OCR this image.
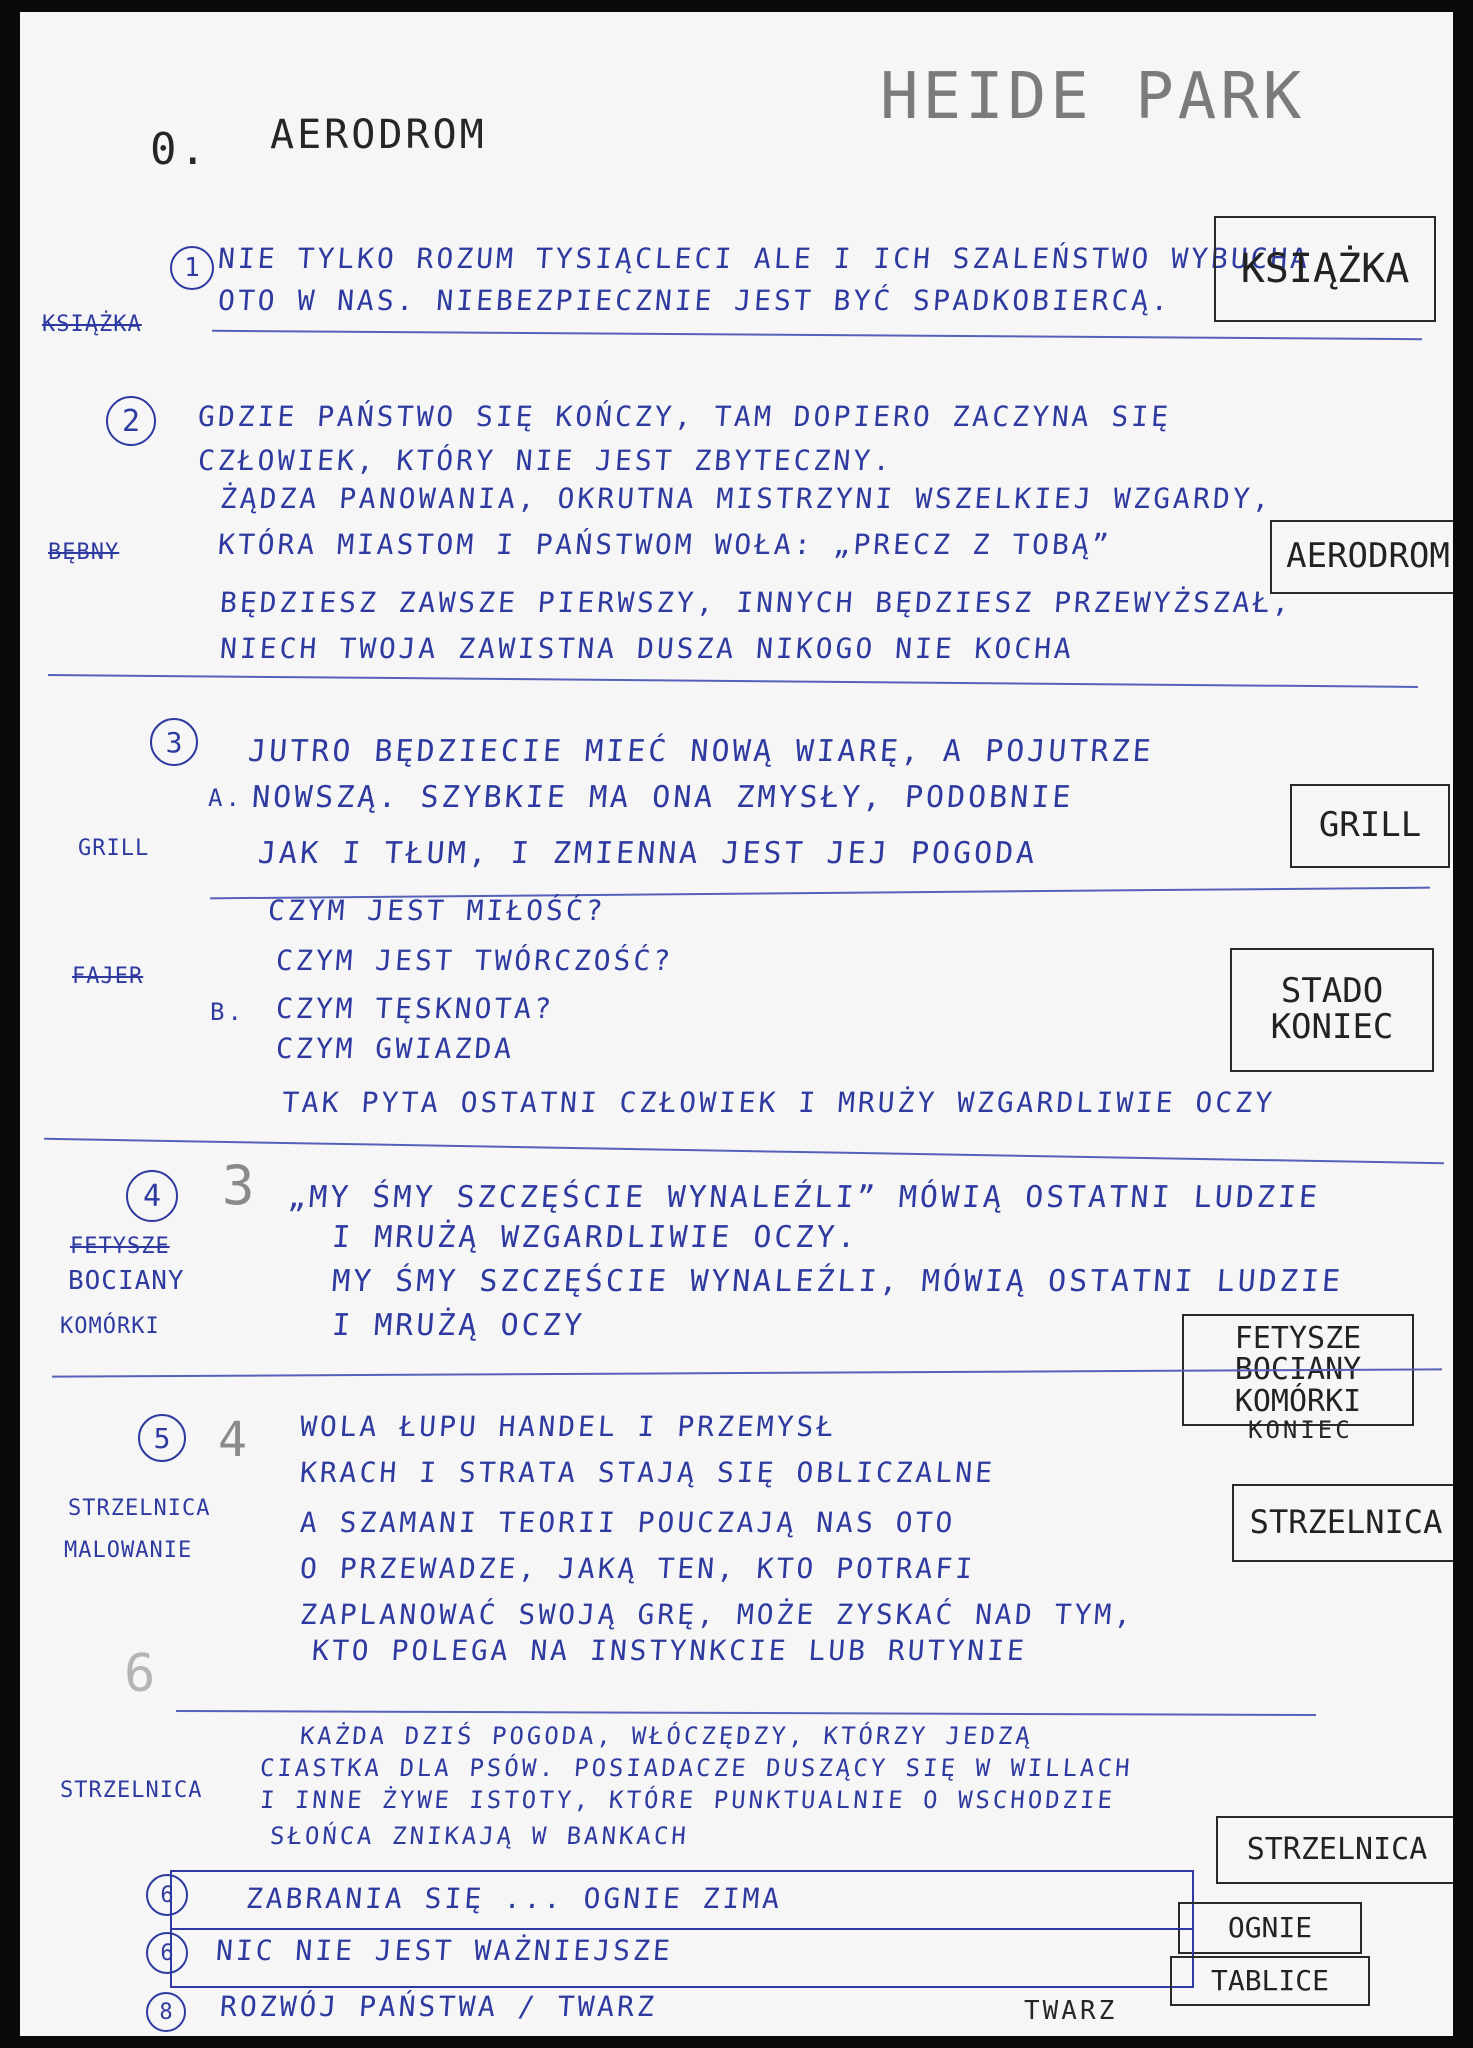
HEIDE PARK
0. AERODROM
1 NIE TYLKO ROZUM TYSIĄCLECI ALE I ICH SZALEŃSTWO WYBUCHA
OTO W NAS. NIEBEZPIECZNIE JEST BYĆ SPADKOBIERCĄ.
KSIĄŻKA
KSIĄŻKA
2	GDZIE PAŃSTWO SIĘ KOŃCZY, TAM DOPIERO ZACZYNA SIĘ
CZŁOWIEK, KTÓRY NIE JEST ZBYTECZNY.
ŻĄDZA PANOWANIA, OKRUTNA MISTRZYNI WSZELKIEJ WZGARDY,
KTÓRA MIASTOM I PAŃSTWOM WOŁA: „PRECZ Z TOBĄ”
BĘDZIESZ ZAWSZE PIERWSZY, INNYCH BĘDZIESZ PRZEWYŻSZAŁ,
NIECH TWOJA ZAWISTNA DUSZA NIKOGO NIE KOCHA
BĘBNY	AERODROM
3	JUTRO BĘDZIECIE MIEĆ NOWĄ WIARĘ, A POJUTRZE
A. NOWSZĄ. SZYBKIE MA ONA ZMYSŁY, PODOBNIE
JAK I TŁUM, I ZMIENNA JEST JEJ POGODA
GRILL
GRILL
CZYM JEST MIŁOŚĆ?
CZYM JEST TWÓRCZOŚĆ?
B. CZYM TĘSKNOTA?
CZYM GWIAZDA
TAK PYTA OSTATNI CZŁOWIEK I MRUŻY WZGARDLIWIE OCZY
FAJER	STADO
KONIEC
3
4	„MY ŚMY SZCZĘŚCIE WYNALEŹLI” MÓWIĄ OSTATNI LUDZIE
I MRUŻĄ WZGARDLIWIE OCZY.
MY ŚMY SZCZĘŚCIE WYNALEŹLI, MÓWIĄ OSTATNI LUDZIE
I MRUŻĄ OCZY
FETYSZE
BOCIANY
KOMÓRKI	FETYSZE
BOCIANY
KOMÓRKI
KONIEC
5 4 WOLA ŁUPU HANDEL I PRZEMYSŁ
KRACH I STRATA STAJĄ SIĘ OBLICZALNE
A SZAMANI TEORII POUCZAJĄ NAS OTO
O PRZEWADZE, JAKĄ TEN, KTO POTRAFI
ZAPLANOWAĆ SWOJĄ GRĘ, MOŻE ZYSKAĆ NAD TYM,
KTO POLEGA NA INSTYNKCIE LUB RUTYNIE
STRZELNICA
MALOWANIE
STRZELNICA
6
KAŻDA DZIŚ POGODA, WŁÓCZĘDZY, KTÓRZY JEDZĄ
CIASTKA DLA PSÓW. POSIADACZE DUSZĄCY SIĘ W WILLACH
I INNE ŻYWE ISTOTY, KTÓRE PUNKTUALNIE O WSCHODZIE
SŁOŃCA ZNIKAJĄ W BANKACH
STRZELNICA
STRZELNICA
6	ZABRANIA SIĘ ... OGNIE ZIMA
OGNIE
6	NIC NIE JEST WAŻNIEJSZE
TABLICE
8	ROZWÓJ PAŃSTWA / TWARZ	TWARZ
